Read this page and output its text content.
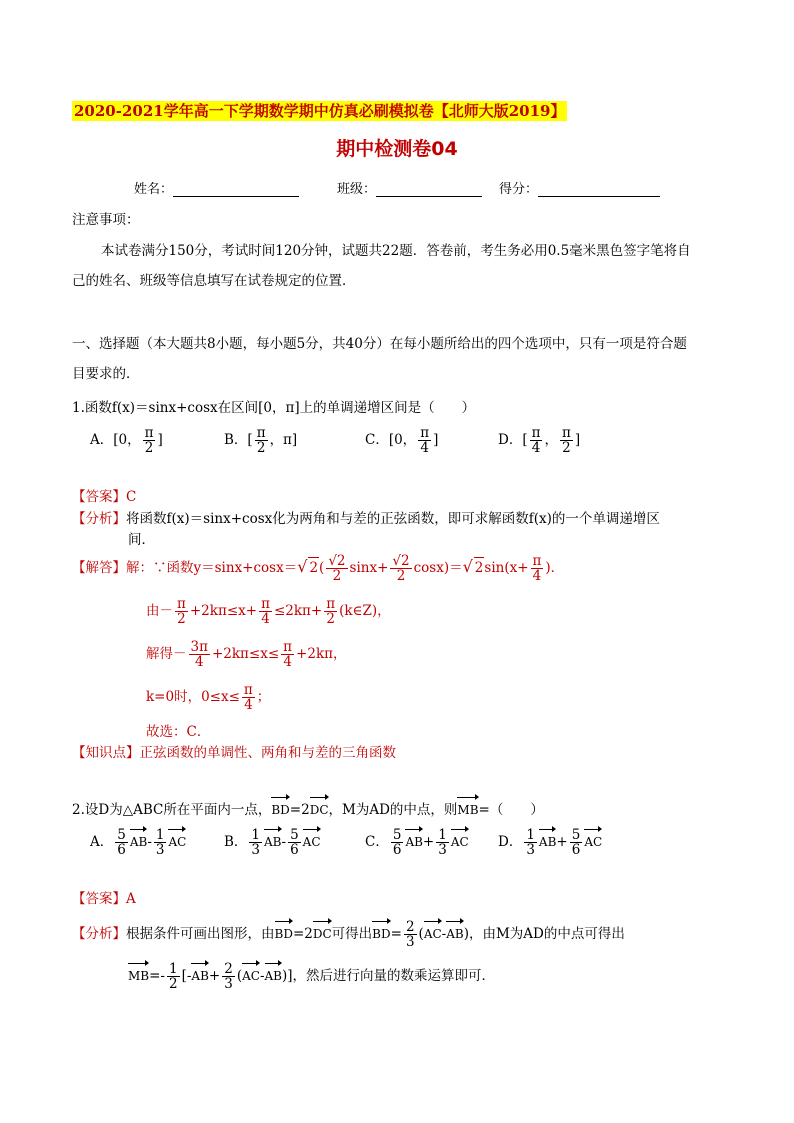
2020-2021学年高一下学期数学期中仿真必刷模拟卷【北师大版2019】
期中检测卷04
姓名：	班级：	得分：
注意事项：
本试卷满分150分，考试时间120分钟，试题共22题．答卷前，考生务必用0.5毫米黑色签字笔将自
己的姓名、班级等信息填写在试卷规定的位置．
一、选择题（本大题共8小题，每小题5分，共40分）在每小题所给出的四个选项中，只有一项是符合题
目要求的．
1.函数f(x)＝sinx+cosx在区间[0，π]上的单调递增区间是（　　）
A．[0， $\frac{\pi}{2}$ ]	B．[ $\frac{\pi}{2}$ ，π]	C．[0， $\frac{\pi}{4}$ ]	D．[ $\frac{\pi}{4}$ ， $\frac{\pi}{2}$ ]
【答案】C
【分析】将函数f(x)＝sinx+cosx化为两角和与差的正弦函数，即可求解函数f(x)的一个单调递增区
间．
【解答】解：∵函数y＝sinx+cosx＝√ $2( \frac{√2}{2} \sin x+ \frac{√2}{2} \cos x)=√$ $2\sin(x+ \frac{\pi}{4}$ )．
由－ $\frac{\pi}{2} +2k\pi\le x+ \frac{\pi}{4} \le 2k\pi+ \frac{\pi}{2}$ (k∈Z)，
解得－ $\frac{3\pi}{4} +2k\pi\le x\le \frac{\pi}{4} +2k\pi$，
k=0时，$0\le x\le \frac{\pi}{4}$ ；
故选：C．
【知识点】正弦函数的单调性、两角和与差的三角函数
2.设D为△ABC所在平面内一点，BD=2DC，M为AD的中点，则MB=（　　）
A． $\frac{5}{6} AB- \frac{1}{3}$ AC	B． $\frac{1}{3} AB- \frac{5}{6}$ AC	C． $\frac{5}{6} AB+ \frac{1}{3}$ AC D． $\frac{1}{3} AB+ \frac{5}{6}$ AC
【答案】A
【分析】根据条件可画出图形，由BD=2DC可得出$BD= \frac{2}{3} (AC-AB)$，由M为AD的中点可得出
$MB=- \frac{1}{2} [-AB+ \frac{2}{3} (AC-AB)]$，然后进行向量的数乘运算即可．
